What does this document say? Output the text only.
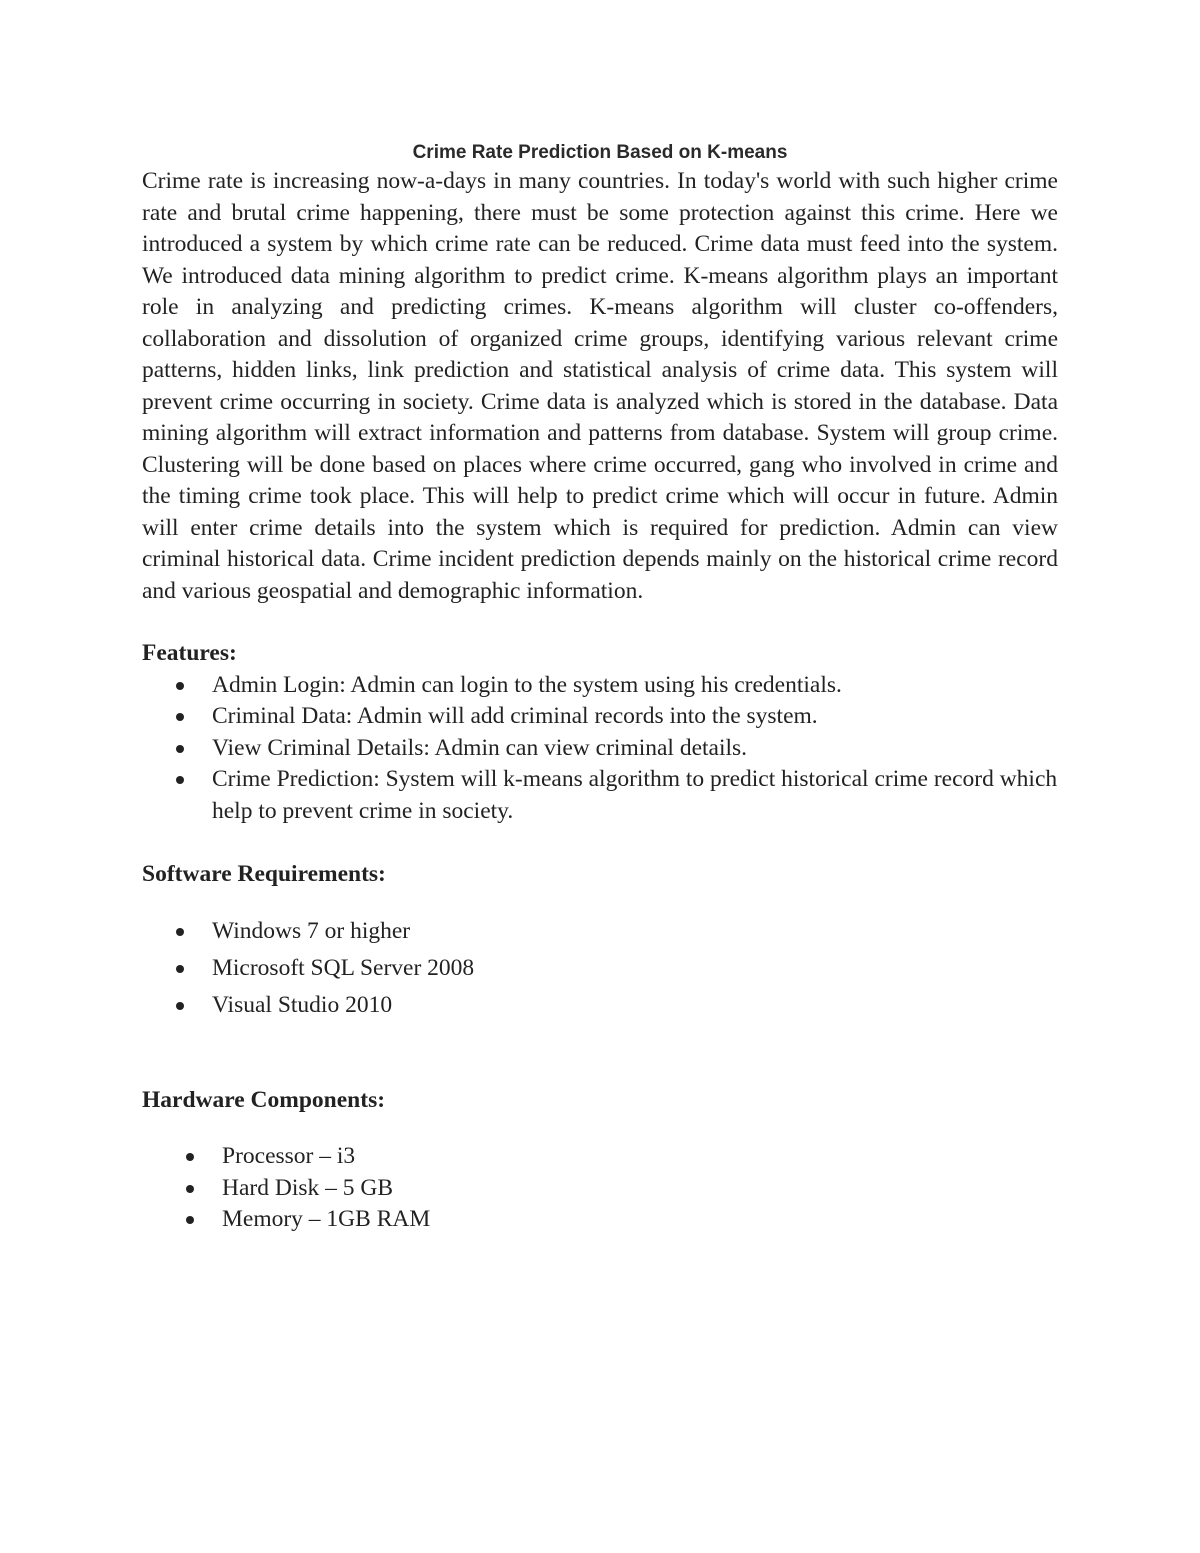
Crime Rate Prediction Based on K-means

Crime rate is increasing now-a-days in many countries. In today's world with such higher crime rate and brutal crime happening, there must be some protection against this crime. Here we introduced a system by which crime rate can be reduced. Crime data must feed into the system. We introduced data mining algorithm to predict crime. K-means algorithm plays an important role in analyzing and predicting crimes. K-means algorithm will cluster co-offenders, collaboration and dissolution of organized crime groups, identifying various relevant crime patterns, hidden links, link prediction and statistical analysis of crime data. This system will prevent crime occurring in society. Crime data is analyzed which is stored in the database. Data mining algorithm will extract information and patterns from database. System will group crime. Clustering will be done based on places where crime occurred, gang who involved in crime and the timing crime took place. This will help to predict crime which will occur in future. Admin will enter crime details into the system which is required for prediction. Admin can view criminal historical data. Crime incident prediction depends mainly on the historical crime record and various geospatial and demographic information.

Features:

Admin Login: Admin can login to the system using his credentials.
Criminal Data: Admin will add criminal records into the system.
View Criminal Details: Admin can view criminal details.
Crime Prediction: System will k-means algorithm to predict historical crime record which help to prevent crime in society.

Software Requirements:

Windows 7 or higher
Microsoft SQL Server 2008
Visual Studio 2010

Hardware Components:

Processor – i3
Hard Disk – 5 GB
Memory – 1GB RAM
